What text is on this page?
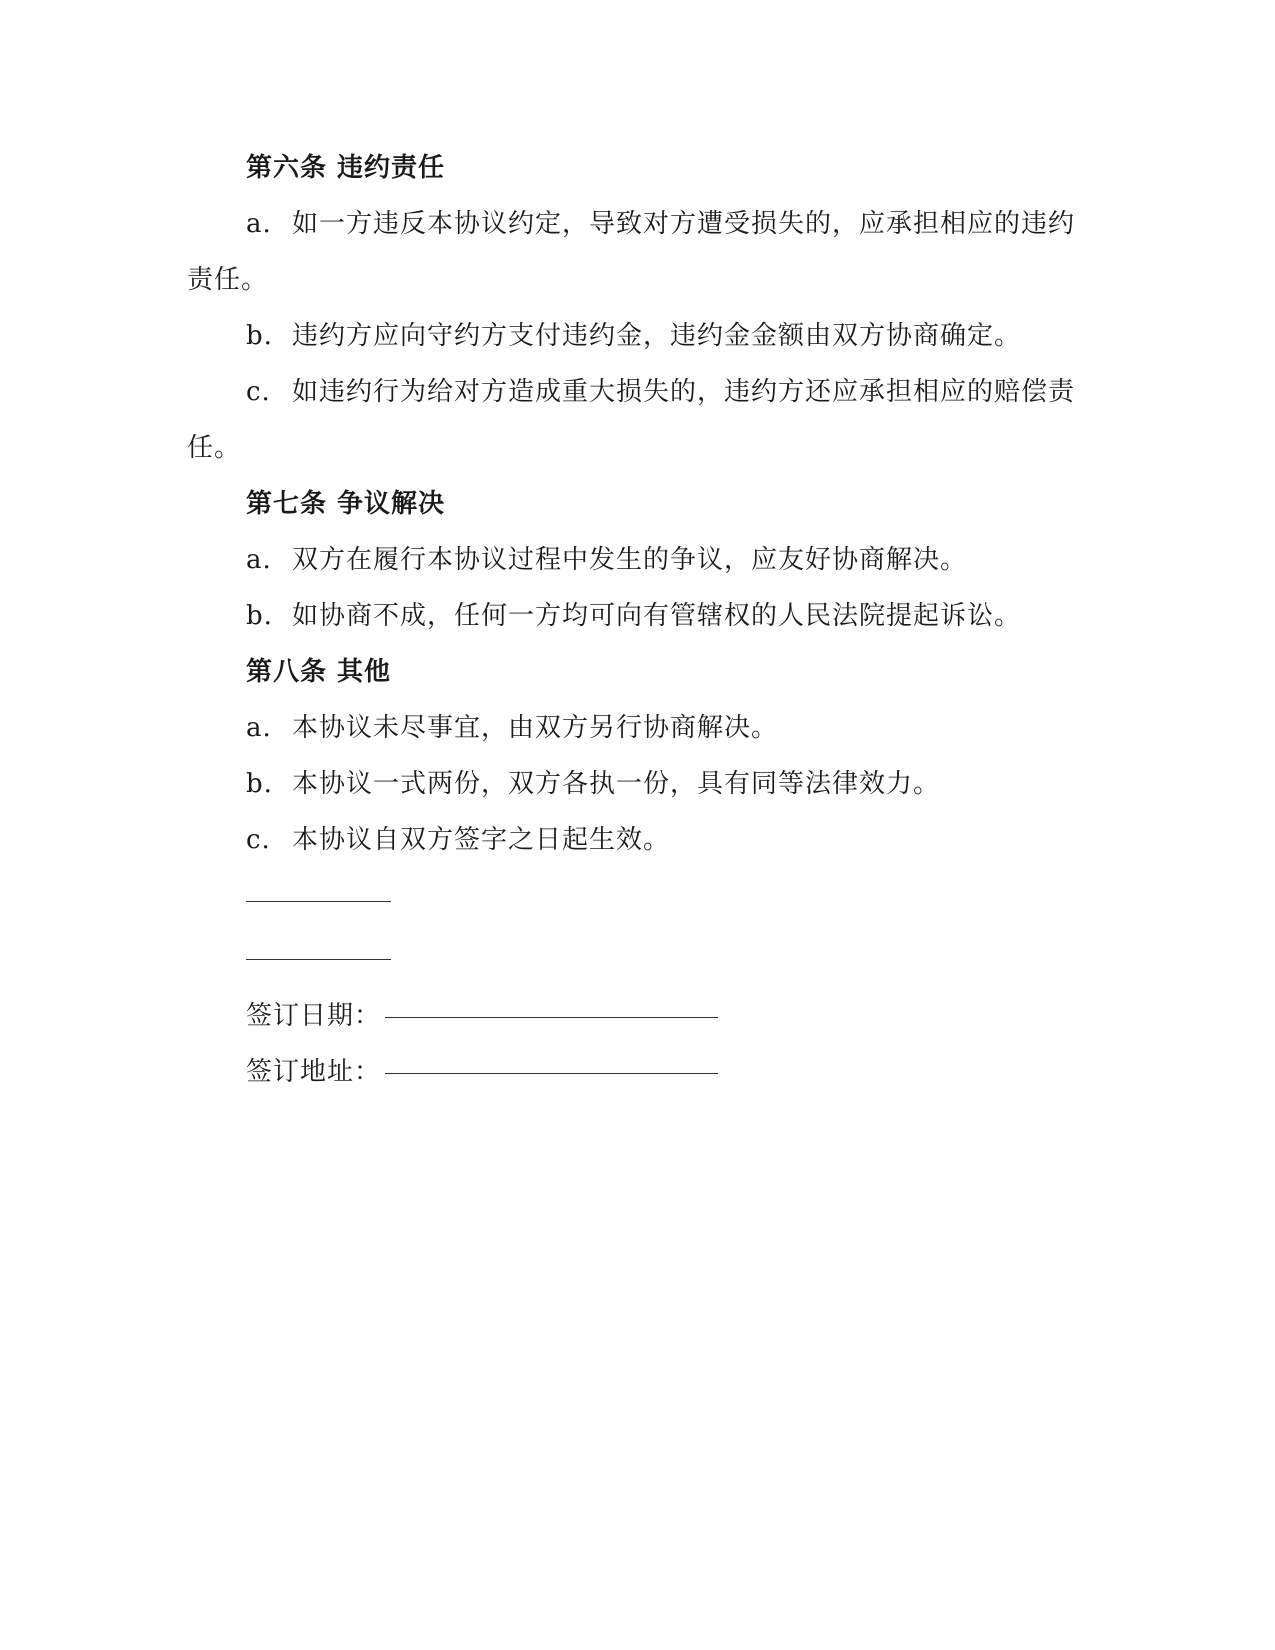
第六条 违约责任

a. 如一方违反本协议约定，导致对方遭受损失的，应承担相应的违约责任。

b. 违约方应向守约方支付违约金，违约金金额由双方协商确定。

c. 如违约行为给对方造成重大损失的，违约方还应承担相应的赔偿责任。

第七条 争议解决

a. 双方在履行本协议过程中发生的争议，应友好协商解决。

b. 如协商不成，任何一方均可向有管辖权的人民法院提起诉讼。

第八条 其他

a. 本协议未尽事宜，由双方另行协商解决。

b. 本协议一式两份，双方各执一份，具有同等法律效力。

c. 本协议自双方签字之日起生效。

签订日期：
签订地址：
